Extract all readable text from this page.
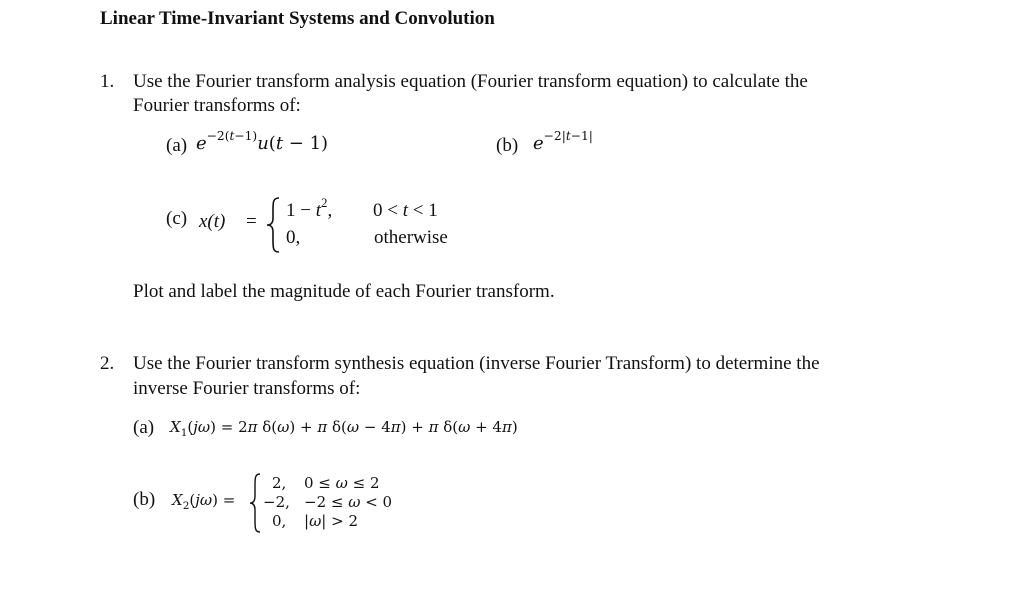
Linear Time-Invariant Systems and Convolution
1. Use the Fourier transform analysis equation (Fourier transform equation) to calculate the
Fourier transforms of:
(a) $e^{-2(t-1)}u(t - 1)$	(b) $e^{-2|t-1|}$
(c) x(t) =
$1 - t^2$, 0 < t < 1
0,	otherwise
Plot and label the magnitude of each Fourier transform.
2. Use the Fourier transform synthesis equation (inverse Fourier Transform) to determine the
inverse Fourier transforms of:
(a) $X_1(j\omega) = 2\pi$ δ(ω) + π δ(ω − 4π) + π δ(ω + 4π)
(b) $X_2(j\omega)$ =
2, 0 ≤ ω ≤ 2
−2, −2 ≤ ω < 0
0, |ω| > 2
